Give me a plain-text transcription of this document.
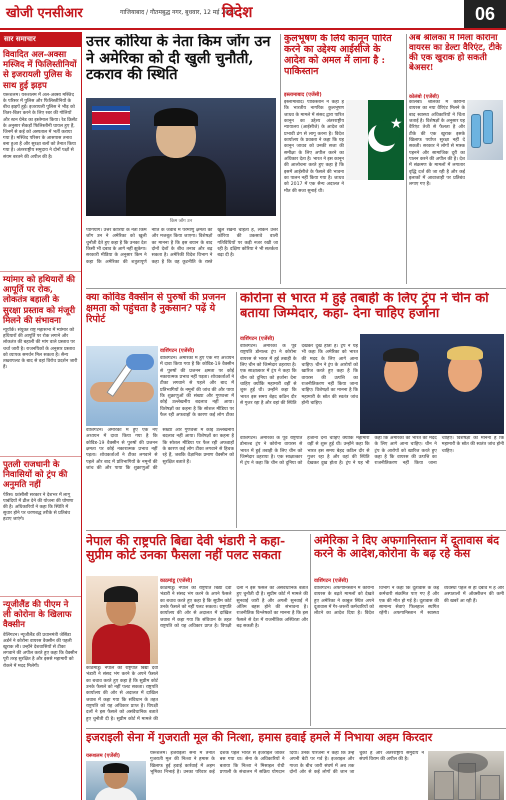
खोजी एनसीआर	गाजियाबाद / गौतमबुद्ध नगर, बुधवार, 12 मई 2021
विदेश	06
सार समाचार
विवादित अल-अक्सा मस्जिद में फिलिस्तीनियों से इजरायली पुलिस के साथ हुई झड़प
यरूशलम। यरूशलम में अल-अक्सा मस्जिद के परिसर में पुलिस और फिलिस्तीनियों के बीच झड़पें हुईं। इजरायली पुलिस ने भीड़ को तितर-बितर करने के लिए रबर की गोलियों और स्टन ग्रेनेड का इस्तेमाल किया। रेड क्रिसेंट के अनुसार सैकड़ों फिलिस्तीनी घायल हुए हैं, जिनमें से कई को अस्पताल में भर्ती कराया गया है। मस्जिद परिसर के आसपास तनाव बना हुआ है और सुरक्षा बलों को तैनात किया गया है। अंतरराष्ट्रीय समुदाय ने दोनों पक्षों से संयम बरतने की अपील की है।
म्यांमार को हथियारों की आपूर्ति पर रोक, लोकतंत्र बहाली के सुरक्षा प्रस्ताव को मंजूरी मिलने की संभावना
न्यूयॉर्क। संयुक्त राष्ट्र महासभा में म्यांमार को हथियारों की आपूर्ति पर रोक लगाने और लोकतंत्र की बहाली की मांग वाले प्रस्ताव पर चर्चा जारी है। राजनयिकों के अनुसार प्रस्ताव को व्यापक समर्थन मिल सकता है। सैन्य तख्तापलट के बाद से वहां विरोध प्रदर्शन जारी हैं।
पुतली राजधानी के निवासियों को ट्रंप की अनुमति नहीं
पेरिस। फ्रांसीसी सरकार ने देशभर में लागू पाबंदियों में ढील देने की योजना की घोषणा की है। अधिकारियों ने कहा कि स्थिति में सुधार होने पर चरणबद्ध तरीके से प्रतिबंध हटाए जाएंगे।
न्यूजीलैंड की पीएम ने ली कोरोना के खिलाफ वैक्सीन
वेलिंगटन। न्यूजीलैंड की प्रधानमंत्री जेसिंडा अर्डर्न ने कोरोना वायरस वैक्सीन की पहली खुराक ली। उन्होंने देशवासियों से टीका लगवाने की अपील करते हुए कहा कि वैक्सीन पूरी तरह सुरक्षित है और इससे महामारी को रोकने में मदद मिलेगी।
उत्तर कोरिया के नेता किम जोंग उन ने अमेरिका को दी खुली चुनौती, टकराव की स्थिति
किम जोंग उन
प्योंगयांग। उत्तर कोरिया के नेता किम जोंग उन ने अमेरिका को खुली चुनौती देते हुए कहा है कि उनका देश किसी भी दबाव के आगे नहीं झुकेगा। सरकारी मीडिया के अनुसार किम ने कहा कि अमेरिका की शत्रुतापूर्ण नीति के जवाब में परमाणु क्षमता को और मजबूत किया जाएगा। विशेषज्ञों का मानना है कि इस बयान के बाद दोनों देशों के बीच तनाव और बढ़ सकता है। अमेरिकी विदेश विभाग ने कहा है कि वह कूटनीति के रास्ते खुले रखना चाहता है, लेकिन उत्तर कोरिया की उकसावे वाली गतिविधियों पर कड़ी नजर रखी जा रही है। दक्षिण कोरिया ने भी सतर्कता बढ़ा दी है।
कुलभूषण के लिये कानून पारित करने का उद्देश्य आईसीजे के आदेश को अमल में लाना है : पाकिस्तान
इस्लामाबाद (एजेंसी)
इस्लामाबाद। पाकिस्तान ने कहा है कि भारतीय नागरिक कुलभूषण जाधव के मामले में संसद द्वारा पारित कानून का उद्देश्य अंतरराष्ट्रीय न्यायालय (आईसीजे) के आदेश को प्रभावी ढंग से लागू करना है। विदेश कार्यालय के प्रवक्ता ने कहा कि यह कानून जाधव को उनकी सजा की समीक्षा के लिए अपील करने का अधिकार देता है। भारत ने इस कानून की आलोचना करते हुए कहा है कि इसमें आईसीजे के फैसले की भावना का पालन नहीं किया गया है। जाधव को 2017 में एक सैन्य अदालत ने मौत की सजा सुनाई थी।
★
अब श्रीलंका में मिला कोरोना वायरस का डेल्टा वैरिएंट, टीके की एक खुराक हो सकती बेअसर!
कोलंबो (एजेंसी)
कोलंबो। श्रीलंका में कोरोना वायरस का नया वैरिएंट मिलने के बाद स्वास्थ्य अधिकारियों ने चिंता जताई है। विशेषज्ञों के अनुसार यह वैरिएंट तेजी से फैलता है और टीके की एक खुराक इसके खिलाफ पर्याप्त सुरक्षा नहीं दे सकती। सरकार ने लोगों से मास्क पहनने और सामाजिक दूरी का पालन करने की अपील की है। देश में संक्रमण के मामलों में लगातार वृद्धि दर्ज की जा रही है और कई इलाकों में आवाजाही पर प्रतिबंध लगाए गए हैं।
क्या कोविड वैक्सीन से पुरुषों की प्रजनन क्षमता को पहुंचता है नुकसान? पढ़ें ये रिपोर्ट
वाशिंगटन (एजेंसी)
वाशिंगटन। अमेरिका में हुए एक नए अध्ययन में दावा किया गया है कि कोविड-19 वैक्सीन से पुरुषों की प्रजनन क्षमता पर कोई नकारात्मक प्रभाव नहीं पड़ता। शोधकर्ताओं ने टीका लगवाने से पहले और बाद में प्रतिभागियों के नमूनों की जांच की और पाया कि शुक्राणुओं की संख्या और गुणवत्ता में कोई उल्लेखनीय बदलाव नहीं आया। विशेषज्ञों का कहना है कि सोशल मीडिया पर फैल रही अफवाहों के कारण कई लोग टीका
वाशिंगटन। अमेरिका में हुए एक नए अध्ययन में दावा किया गया है कि कोविड-19 वैक्सीन से पुरुषों की प्रजनन क्षमता पर कोई नकारात्मक प्रभाव नहीं पड़ता। शोधकर्ताओं ने टीका लगवाने से पहले और बाद में प्रतिभागियों के नमूनों की जांच की और पाया कि शुक्राणुओं की संख्या और गुणवत्ता में कोई उल्लेखनीय बदलाव नहीं आया। विशेषज्ञों का कहना है कि सोशल मीडिया पर फैल रही अफवाहों के कारण कई लोग टीका लगवाने से हिचक रहे हैं, जबकि वैज्ञानिक प्रमाण वैक्सीन को सुरक्षित बताते हैं।
कोरोना से भारत में हुई तबाही के लिए ट्रंप ने चीन को बताया जिम्मेदार, कहा- देना चाहिए हर्जाना
वाशिंगटन (एजेंसी)
वाशिंगटन। अमेरिका के पूर्व राष्ट्रपति डोनाल्ड ट्रंप ने कोरोना वायरस से भारत में हुई तबाही के लिए चीन को जिम्मेदार ठहराया है। एक साक्षात्कार में ट्रंप ने कहा कि चीन को दुनिया को हर्जाना देना चाहिए क्योंकि महामारी वहीं से शुरू हुई थी। उन्होंने कहा कि भारत इस समय बेहद कठिन दौर से गुजर रहा है और वहां की स्थिति देखकर दुख होता है। ट्रंप ने यह भी कहा कि अमेरिका को भारत की मदद के लिए आगे आना चाहिए। चीन ने ट्रंप के आरोपों को खारिज करते हुए कहा है कि वायरस की उत्पत्ति का राजनीतिकरण नहीं किया जाना चाहिए। विशेषज्ञों का मानना है कि महामारी के स्रोत की स्वतंत्र जांच होनी चाहिए।
वाशिंगटन। अमेरिका के पूर्व राष्ट्रपति डोनाल्ड ट्रंप ने कोरोना वायरस से भारत में हुई तबाही के लिए चीन को जिम्मेदार ठहराया है। एक साक्षात्कार में ट्रंप ने कहा कि चीन को दुनिया को हर्जाना देना चाहिए क्योंकि महामारी वहीं से शुरू हुई थी। उन्होंने कहा कि भारत इस समय बेहद कठिन दौर से गुजर रहा है और वहां की स्थिति देखकर दुख होता है। ट्रंप ने यह भी कहा कि अमेरिका को भारत की मदद के लिए आगे आना चाहिए। चीन ने ट्रंप के आरोपों को खारिज करते हुए कहा है कि वायरस की उत्पत्ति का राजनीतिकरण नहीं किया जाना चाहिए। विशेषज्ञों का मानना है कि महामारी के स्रोत की स्वतंत्र जांच होनी चाहिए।
नेपाल की राष्ट्रपति बिद्या देवी भंडारी ने कहा- सुप्रीम कोर्ट उनका फैसला नहीं पलट सकता
काठमांडू (एजेंसी)
काठमांडू। नेपाल की राष्ट्रपति बिद्या देवी भंडारी ने संसद भंग करने के अपने फैसले का बचाव करते हुए कहा है कि सुप्रीम कोर्ट उनके फैसले को नहीं पलट सकता। राष्ट्रपति कार्यालय की ओर से अदालत में दाखिल जवाब में कहा गया कि संविधान के तहत राष्ट्रपति को यह अधिकार प्राप्त है। विपक्षी दलों ने इस फैसले को असंवैधानिक बताते हुए चुनौती दी है। सुप्रीम कोर्ट में मामले की सुनवाई जारी है और अगली सुनवाई में अंतिम बहस होने की संभावना है। राजनीतिक विश्लेषकों का मानना है कि इस फैसले से देश में राजनीतिक अस्थिरता और बढ़ सकती है।
काठमांडू। नेपाल की राष्ट्रपति बिद्या देवी भंडारी ने संसद भंग करने के अपने फैसले का बचाव करते हुए कहा है कि सुप्रीम कोर्ट उनके फैसले को नहीं पलट सकता। राष्ट्रपति कार्यालय की ओर से अदालत में दाखिल जवाब में कहा गया कि संविधान के तहत राष्ट्रपति को यह अधिकार प्राप्त है। विपक्षी दलों ने इस फैसले को असंवैधानिक बताते हुए चुनौती दी है। सुप्रीम कोर्ट में मामले की
अमेरिका ने दिए अफगानिस्तान में दूतावास बंद करने के आदेश,कोरोना के बढ़ रहे केस
वाशिंगटन (एजेंसी)
वाशिंगटन। अफगानिस्तान में कोरोना वायरस के बढ़ते मामलों को देखते हुए अमेरिका ने काबुल स्थित अपने दूतावास में गैर-जरूरी कर्मचारियों को लौटने का आदेश दिया है। विदेश विभाग ने कहा कि दूतावास के कई कर्मचारी संक्रमित पाए गए हैं और एक की मौत हो गई है। दूतावास की सामान्य सेवाएं फिलहाल स्थगित रहेंगी। अफगानिस्तान में स्वास्थ्य व्यवस्था पहले से ही दबाव में है और अस्पतालों में ऑक्सीजन की कमी की खबरें आ रही हैं।
इजराइली सेना में गुजराती मूल की नित्शा, हमास हवाई हमले में निभाया अहम किरदार
यरूशलम (एजेंसी)	यरूशलम। इजराइली सेना में तैनात गुजराती मूल की नित्शा ने हमास के खिलाफ हुई हवाई कार्रवाई में अहम भूमिका निभाई है। उनका परिवार कई दशक पहले भारत से इजराइल जाकर बस गया था। सेना के अधिकारियों ने बताया कि नित्शा ने मिसाइल रोधी प्रणाली के संचालन में सक्रिय योगदान दिया। उनके परिजनों ने कहा कि उन्हें अपनी बेटी पर गर्व है। इजराइल और गाजा के बीच जारी संघर्ष में अब तक दोनों ओर से कई लोगों की जान जा चुकी है और अंतरराष्ट्रीय समुदाय ने संघर्ष विराम की अपील की है।
